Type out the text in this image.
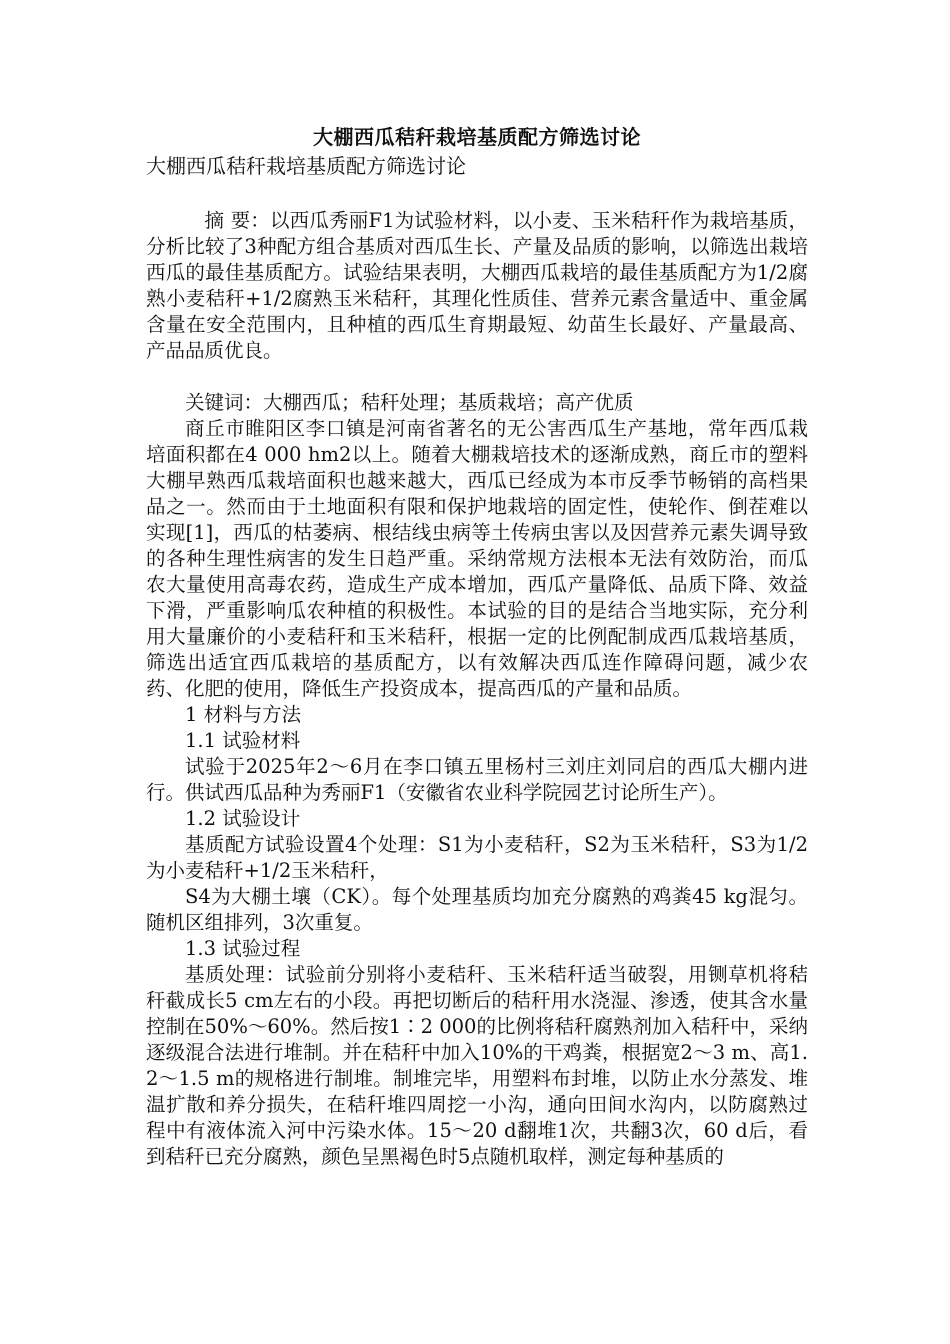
大棚西瓜秸秆栽培基质配方筛选讨论

大棚西瓜秸秆栽培基质配方筛选讨论

摘 要：以西瓜秀丽F1为试验材料，以小麦、玉米秸秆作为栽培基质，分析比较了3种配方组合基质对西瓜生长、产量及品质的影响，以筛选出栽培西瓜的最佳基质配方。试验结果表明，大棚西瓜栽培的最佳基质配方为1/2腐熟小麦秸秆+1/2腐熟玉米秸秆，其理化性质佳、营养元素含量适中、重金属含量在安全范围内，且种植的西瓜生育期最短、幼苗生长最好、产量最高、产品品质优良。

关键词：大棚西瓜；秸秆处理；基质栽培；高产优质

商丘市睢阳区李口镇是河南省著名的无公害西瓜生产基地，常年西瓜栽培面积都在4 000 hm2以上。随着大棚栽培技术的逐渐成熟，商丘市的塑料大棚早熟西瓜栽培面积也越来越大，西瓜已经成为本市反季节畅销的高档果品之一。然而由于土地面积有限和保护地栽培的固定性，使轮作、倒茬难以实现[1]，西瓜的枯萎病、根结线虫病等土传病虫害以及因营养元素失调导致的各种生理性病害的发生日趋严重。采纳常规方法根本无法有效防治，而瓜农大量使用高毒农药，造成生产成本增加，西瓜产量降低、品质下降、效益下滑，严重影响瓜农种植的积极性。本试验的目的是结合当地实际，充分利用大量廉价的小麦秸秆和玉米秸秆，根据一定的比例配制成西瓜栽培基质，筛选出适宜西瓜栽培的基质配方，以有效解决西瓜连作障碍问题，减少农药、化肥的使用，降低生产投资成本，提高西瓜的产量和品质。

1 材料与方法

1.1 试验材料

试验于2025年2～6月在李口镇五里杨村三刘庄刘同启的西瓜大棚内进行。供试西瓜品种为秀丽F1（安徽省农业科学院园艺讨论所生产）。

1.2 试验设计

基质配方试验设置4个处理：S1为小麦秸秆，S2为玉米秸秆，S3为1/2为小麦秸秆+1/2玉米秸秆，

S4为大棚土壤（CK）。每个处理基质均加充分腐熟的鸡粪45 kg混匀。随机区组排列，3次重复。

1.3 试验过程

基质处理：试验前分别将小麦秸秆、玉米秸秆适当破裂，用铡草机将秸秆截成长5 cm左右的小段。再把切断后的秸秆用水浇湿、渗透，使其含水量控制在50%～60%。然后按1∶2 000的比例将秸秆腐熟剂加入秸秆中，采纳逐级混合法进行堆制。并在秸秆中加入10%的干鸡粪，根据宽2～3 m、高1.2～1.5 m的规格进行制堆。制堆完毕，用塑料布封堆，以防止水分蒸发、堆温扩散和养分损失，在秸秆堆四周挖一小沟，通向田间水沟内，以防腐熟过程中有液体流入河中污染水体。15～20 d翻堆1次，共翻3次，60 d后，看到秸秆已充分腐熟，颜色呈黑褐色时5点随机取样，测定每种基质的
